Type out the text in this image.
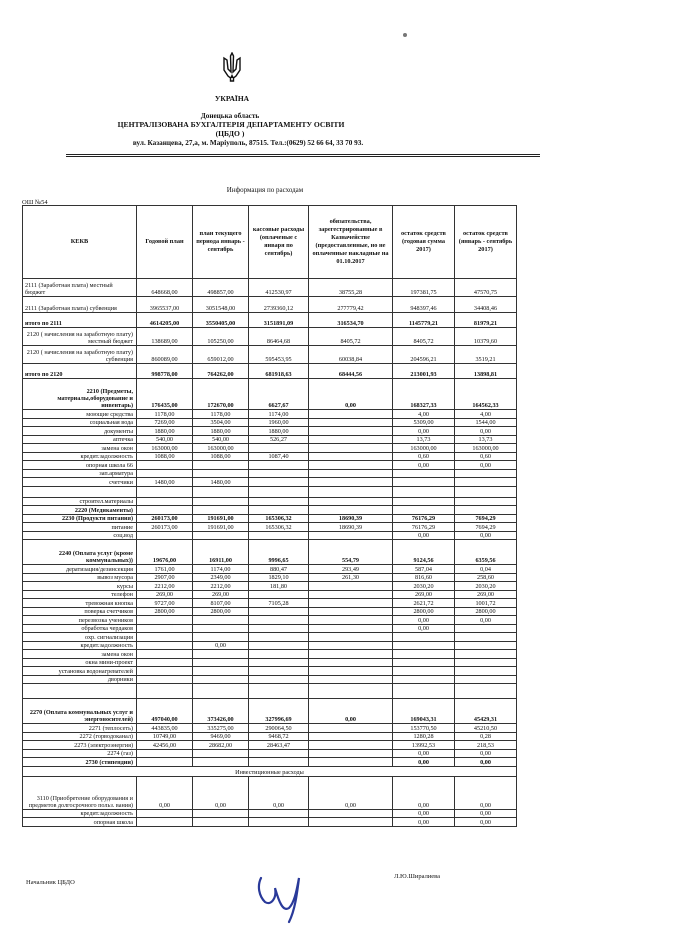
УКРАЇНА
Донецька область
ЦЕНТРАЛІЗОВАНА БУХГАЛТЕРІЯ ДЕПАРТАМЕНТУ ОСВІТИ
(ЦБДО )
вул. Казанцева, 27,а, м. Маріуполь, 87515. Тел.:(0629) 52 66 64, 33 70 93.
Информация по расходам
ОШ №54
КЕКВ	Годовой план	план текущего периода январь - сентябрь	кассовые расходы (оплаченые с января по сентябрь)	обязательства, зарегестрированные в Казначействе (предоставленные, но не оплаченные накладные на 01.10.2017	остаток средств (годовая сумма 2017)	остаток средств (январь - сентябрь 2017)
2111 (Заработная плата) местный бюджет	648668,00	498857,00	412530,97	38755,28	197381,75	47570,75
2111 (Заработная плата) субвенция	3965537,00	3051548,00	2739360,12	277779,42	948397,46	34408,46
итого по 2111	4614205,00	3550405,00	3151891,09	316534,70	1145779,21	81979,21
2120 ( начисления на заработную плату) местный бюджет	138689,00	105250,00	86464,68	8405,72	8405,72	10379,60
2120 ( начисления на заработную плату) субвенция	860089,00	659012,00	595453,95	60038,84	204596,21	3519,21
итого по 2120	998778,00	764262,00	681918,63	68444,56	213001,93	13898,81
2210 (Предметы, материалы,оборудование и инвентарь)	176435,00	172670,00	6627,67	0,00	168327,33	164562,33
моющие средства	1178,00	1178,00	1174,00		4,00	4,00
социальная вода	7269,00	3504,00	1960,00		5309,00	1544,00
документы	1880,00	1880,00	1880,00		0,00	0,00
аптечка	540,00	540,00	526,27		13,73	13,73
замена окон	163000,00	163000,00			163000,00	163000,00
кредит.задолжность	1088,00	1088,00	1087,40		0,60	0,60
опорная школа 66					0,00	0,00
зап.арматура						
счетчики	1480,00	1480,00				

строител.материалы						
2220 (Медикаменты)						
2230 (Продукти питания)	260173,00	191691,00	165306,32	18690,39	76176,29	7694,29
питание	260173,00	191691,00	165306,32	18690,39	76176,29	7694,29
соц.вод					0,00	0,00
2240 (Оплата услуг (кроме коммунальных))	19676,00	16911,00	9996,65	554,79	9124,56	6359,56
дератизация/дезинсекция	1761,00	1174,00	880,47	293,49	587,04	0,04
вывоз мусора	2907,00	2349,00	1829,10	261,30	816,60	258,60
курсы	2212,00	2212,00	181,80		2030,20	2030,20
телефон	269,00	269,00			269,00	269,00
тревожная кнопка	9727,00	8107,00	7105,28		2621,72	1001,72
поверка счетчиков	2800,00	2800,00			2800,00	2800,00
перезвозка учеников					0,00	0,00
обработка чердаков					0,00	
охр. сигнализация						
кредит.задолжность		0,00				
замена окон						
окна мини-проект						
установка водонагревателей						
дворники						

2270 (Оплата коммунальных услуг и энергоносителей)	497040,00	373426,00	327996,69	0,00	169043,31	45429,31
2271 (теплосеть)	443835,00	335275,00	290064,50		153770,50	45210,50
2272 (горводоканал)	10749,00	9469,00	9468,72		1280,28	0,28
2273 (электроэнергия)	42456,00	28682,00	28463,47		13992,53	218,53
2274 (газ)					0,00	0,00
2730 (стипендии)					0,00	0,00
Инвестиционные расходы						
3110 (Приобретение оборудования и предметов долгосрочного польз. вания)	0,00	0,00	0,00	0,00	0,00	0,00
кредит.задолжность					0,00	0,00
опорная школа					0,00	0,00
Начальник ЦБДО
Л.Ю.Ширалиева
